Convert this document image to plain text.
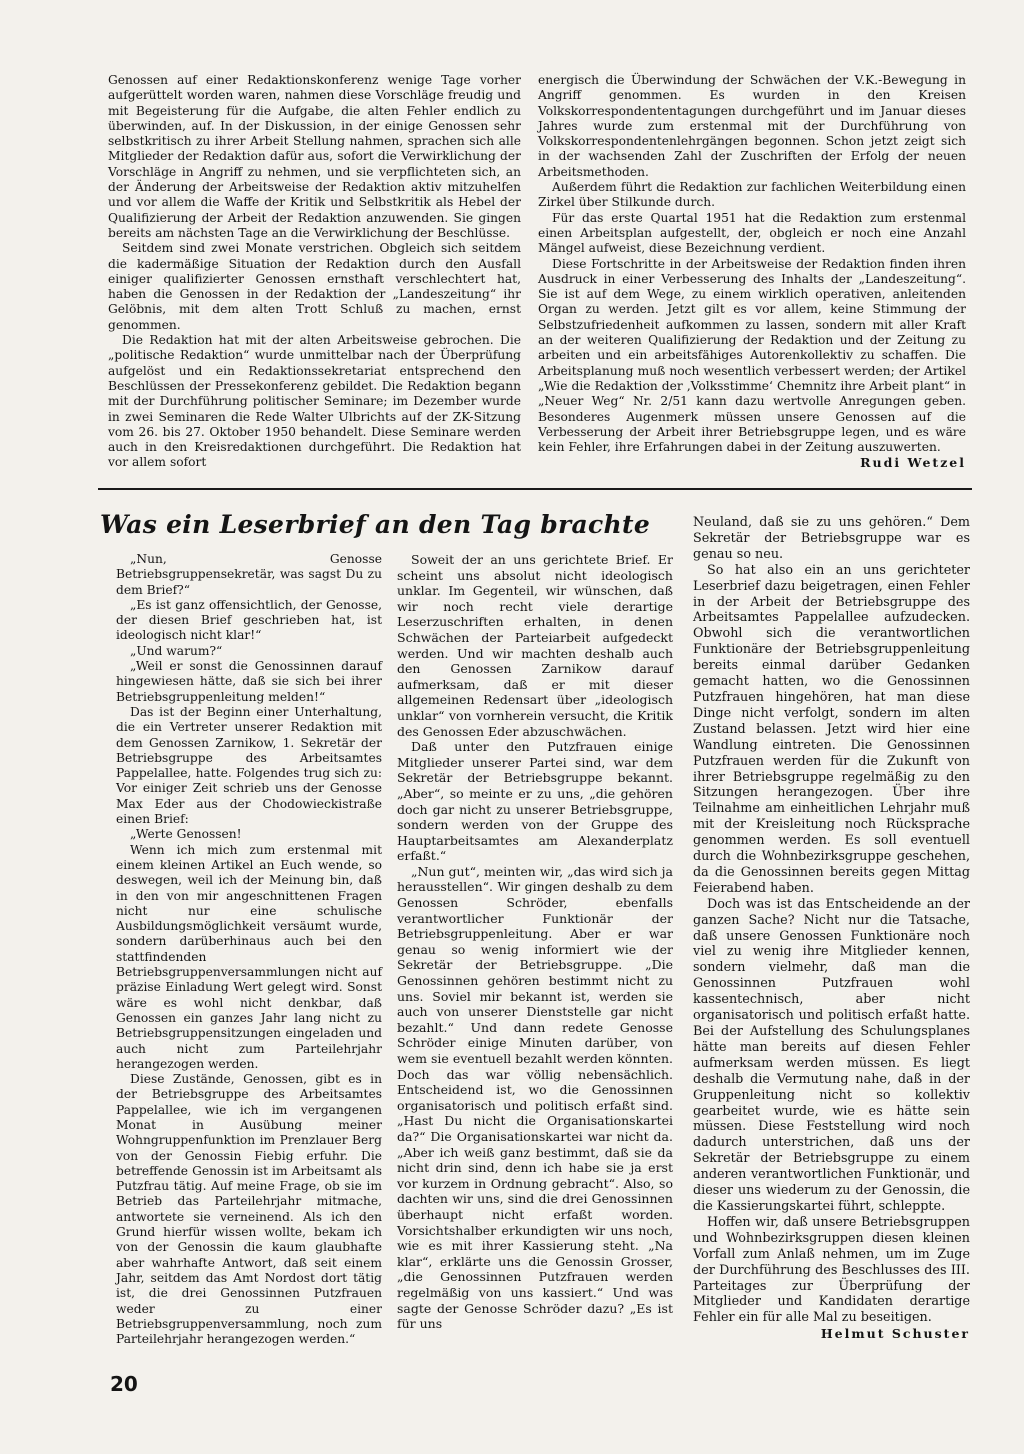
Genossen auf einer Redaktionskonferenz wenige Tage vorher aufgerüttelt worden waren, nahmen diese Vorschläge freudig und mit Begeisterung für die Aufgabe, die alten Fehler endlich zu überwinden, auf. In der Diskussion, in der einige Genossen sehr selbstkritisch zu ihrer Arbeit Stellung nahmen, sprachen sich alle Mitglieder der Redaktion dafür aus, sofort die Verwirklichung der Vorschläge in Angriff zu nehmen, und sie verpflichteten sich, an der Änderung der Arbeitsweise der Redaktion aktiv mitzuhelfen und vor allem die Waffe der Kritik und Selbstkritik als Hebel der Qualifizierung der Arbeit der Redaktion anzuwenden. Sie gingen bereits am nächsten Tage an die Verwirklichung der Beschlüsse.

Seitdem sind zwei Monate verstrichen. Obgleich sich seitdem die kadermäßige Situation der Redaktion durch den Ausfall einiger qualifizierter Genossen ernsthaft verschlechtert hat, haben die Genossen in der Redaktion der „Landeszeitung“ ihr Gelöbnis, mit dem alten Trott Schluß zu machen, ernst genommen.

Die Redaktion hat mit der alten Arbeitsweise gebrochen. Die „politische Redaktion“ wurde unmittelbar nach der Überprüfung aufgelöst und ein Redaktionssekretariat entsprechend den Beschlüssen der Pressekonferenz gebildet. Die Redaktion begann mit der Durchführung politischer Seminare; im Dezember wurde in zwei Seminaren die Rede Walter Ulbrichts auf der ZK-Sitzung vom 26. bis 27. Oktober 1950 behandelt. Diese Seminare werden auch in den Kreisredaktionen durchgeführt. Die Redaktion hat vor allem sofort

energisch die Überwindung der Schwächen der V.K.-Bewegung in Angriff genommen. Es wurden in den Kreisen Volkskorrespondententagungen durchgeführt und im Januar dieses Jahres wurde zum erstenmal mit der Durchführung von Volkskorrespondentenlehrgängen begonnen. Schon jetzt zeigt sich in der wachsenden Zahl der Zuschriften der Erfolg der neuen Arbeitsmethoden.

Außerdem führt die Redaktion zur fachlichen Weiterbildung einen Zirkel über Stilkunde durch.

Für das erste Quartal 1951 hat die Redaktion zum erstenmal einen Arbeitsplan aufgestellt, der, obgleich er noch eine Anzahl Mängel aufweist, diese Bezeichnung verdient.

Diese Fortschritte in der Arbeitsweise der Redaktion finden ihren Ausdruck in einer Verbesserung des Inhalts der „Landeszeitung“. Sie ist auf dem Wege, zu einem wirklich operativen, anleitenden Organ zu werden. Jetzt gilt es vor allem, keine Stimmung der Selbstzufriedenheit aufkommen zu lassen, sondern mit aller Kraft an der weiteren Qualifizierung der Redaktion und der Zeitung zu arbeiten und ein arbeitsfähiges Autorenkollektiv zu schaffen. Die Arbeitsplanung muß noch wesentlich verbessert werden; der Artikel „Wie die Redaktion der ‚Volksstimme‘ Chemnitz ihre Arbeit plant“ in „Neuer Weg“ Nr. 2/51 kann dazu wertvolle Anregungen geben. Besonderes Augenmerk müssen unsere Genossen auf die Verbesserung der Arbeit ihrer Betriebsgruppe legen, und es wäre kein Fehler, ihre Erfahrungen dabei in der Zeitung auszuwerten.

Rudi Wetzel
Was ein Leserbrief an den Tag brachte

„Nun, Genosse Betriebsgruppensekretär, was sagst Du zu dem Brief?“

„Es ist ganz offensichtlich, der Genosse, der diesen Brief geschrieben hat, ist ideologisch nicht klar!“

„Und warum?“

„Weil er sonst die Genossinnen darauf hingewiesen hätte, daß sie sich bei ihrer Betriebsgruppenleitung melden!“

Das ist der Beginn einer Unterhaltung, die ein Vertreter unserer Redaktion mit dem Genossen Zarnikow, 1. Sekretär der Betriebsgruppe des Arbeitsamtes Pappelallee, hatte. Folgendes trug sich zu: Vor einiger Zeit schrieb uns der Genosse Max Eder aus der Chodowieckistraße einen Brief:

„Werte Genossen!

Wenn ich mich zum erstenmal mit einem kleinen Artikel an Euch wende, so deswegen, weil ich der Meinung bin, daß in den von mir angeschnittenen Fragen nicht nur eine schulische Ausbildungsmöglichkeit versäumt wurde, sondern darüberhinaus auch bei den stattfindenden Betriebsgruppenversammlungen nicht auf präzise Einladung Wert gelegt wird. Sonst wäre es wohl nicht denkbar, daß Genossen ein ganzes Jahr lang nicht zu Betriebsgruppensitzungen eingeladen und auch nicht zum Parteilehrjahr herangezogen werden.

Diese Zustände, Genossen, gibt es in der Betriebsgruppe des Arbeitsamtes Pappelallee, wie ich im vergangenen Monat in Ausübung meiner Wohngruppenfunktion im Prenzlauer Berg von der Genossin Fiebig erfuhr. Die betreffende Genossin ist im Arbeitsamt als Putzfrau tätig. Auf meine Frage, ob sie im Betrieb das Parteilehrjahr mitmache, antwortete sie verneinend. Als ich den Grund hierfür wissen wollte, bekam ich von der Genossin die kaum glaubhafte aber wahrhafte Antwort, daß seit einem Jahr, seitdem das Amt Nordost dort tätig ist, die drei Genossinnen Putzfrauen weder zu einer Betriebsgruppenversammlung, noch zum Parteilehrjahr herangezogen werden.“

Soweit der an uns gerichtete Brief. Er scheint uns absolut nicht ideologisch unklar. Im Gegenteil, wir wünschen, daß wir noch recht viele derartige Leserzuschriften erhalten, in denen Schwächen der Parteiarbeit aufgedeckt werden. Und wir machten deshalb auch den Genossen Zarnikow darauf aufmerksam, daß er mit dieser allgemeinen Redensart über „ideologisch unklar“ von vornherein versucht, die Kritik des Genossen Eder abzuschwächen.

Daß unter den Putzfrauen einige Mitglieder unserer Partei sind, war dem Sekretär der Betriebsgruppe bekannt. „Aber“, so meinte er zu uns, „die gehören doch gar nicht zu unserer Betriebsgruppe, sondern werden von der Gruppe des Hauptarbeitsamtes am Alexanderplatz erfaßt.“

„Nun gut“, meinten wir, „das wird sich ja herausstellen“. Wir gingen deshalb zu dem Genossen Schröder, ebenfalls verantwortlicher Funktionär der Betriebsgruppenleitung. Aber er war genau so wenig informiert wie der Sekretär der Betriebsgruppe. „Die Genossinnen gehören bestimmt nicht zu uns. Soviel mir bekannt ist, werden sie auch von unserer Dienststelle gar nicht bezahlt.“ Und dann redete Genosse Schröder einige Minuten darüber, von wem sie eventuell bezahlt werden könnten. Doch das war völlig nebensächlich. Entscheidend ist, wo die Genossinnen organisatorisch und politisch erfaßt sind. „Hast Du nicht die Organisationskartei da?“ Die Organisationskartei war nicht da. „Aber ich weiß ganz bestimmt, daß sie da nicht drin sind, denn ich habe sie ja erst vor kurzem in Ordnung gebracht“. Also, so dachten wir uns, sind die drei Genossinnen überhaupt nicht erfaßt worden. Vorsichtshalber erkundigten wir uns noch, wie es mit ihrer Kassierung steht. „Na klar“, erklärte uns die Genossin Grosser, „die Genossinnen Putzfrauen werden regelmäßig von uns kassiert.“ Und was sagte der Genosse Schröder dazu? „Es ist für uns

Neuland, daß sie zu uns gehören.“ Dem Sekretär der Betriebsgruppe war es genau so neu.

So hat also ein an uns gerichteter Leserbrief dazu beigetragen, einen Fehler in der Arbeit der Betriebsgruppe des Arbeitsamtes Pappelallee aufzudecken. Obwohl sich die verantwortlichen Funktionäre der Betriebsgruppenleitung bereits einmal darüber Gedanken gemacht hatten, wo die Genossinnen Putzfrauen hingehören, hat man diese Dinge nicht verfolgt, sondern im alten Zustand belassen. Jetzt wird hier eine Wandlung eintreten. Die Genossinnen Putzfrauen werden für die Zukunft von ihrer Betriebsgruppe regelmäßig zu den Sitzungen herangezogen. Über ihre Teilnahme am einheitlichen Lehrjahr muß mit der Kreisleitung noch Rücksprache genommen werden. Es soll eventuell durch die Wohnbezirksgruppe geschehen, da die Genossinnen bereits gegen Mittag Feierabend haben.

Doch was ist das Entscheidende an der ganzen Sache? Nicht nur die Tatsache, daß unsere Genossen Funktionäre noch viel zu wenig ihre Mitglieder kennen, sondern vielmehr, daß man die Genossinnen Putzfrauen wohl kassentechnisch, aber nicht organisatorisch und politisch erfaßt hatte. Bei der Aufstellung des Schulungsplanes hätte man bereits auf diesen Fehler aufmerksam werden müssen. Es liegt deshalb die Vermutung nahe, daß in der Gruppenleitung nicht so kollektiv gearbeitet wurde, wie es hätte sein müssen. Diese Feststellung wird noch dadurch unterstrichen, daß uns der Sekretär der Betriebsgruppe zu einem anderen verantwortlichen Funktionär, und dieser uns wiederum zu der Genossin, die die Kassierungskartei führt, schleppte.

Hoffen wir, daß unsere Betriebsgruppen und Wohnbezirksgruppen diesen kleinen Vorfall zum Anlaß nehmen, um im Zuge der Durchführung des Beschlusses des III. Parteitages zur Überprüfung der Mitglieder und Kandidaten derartige Fehler ein für alle Mal zu beseitigen.

Helmut Schuster
20
